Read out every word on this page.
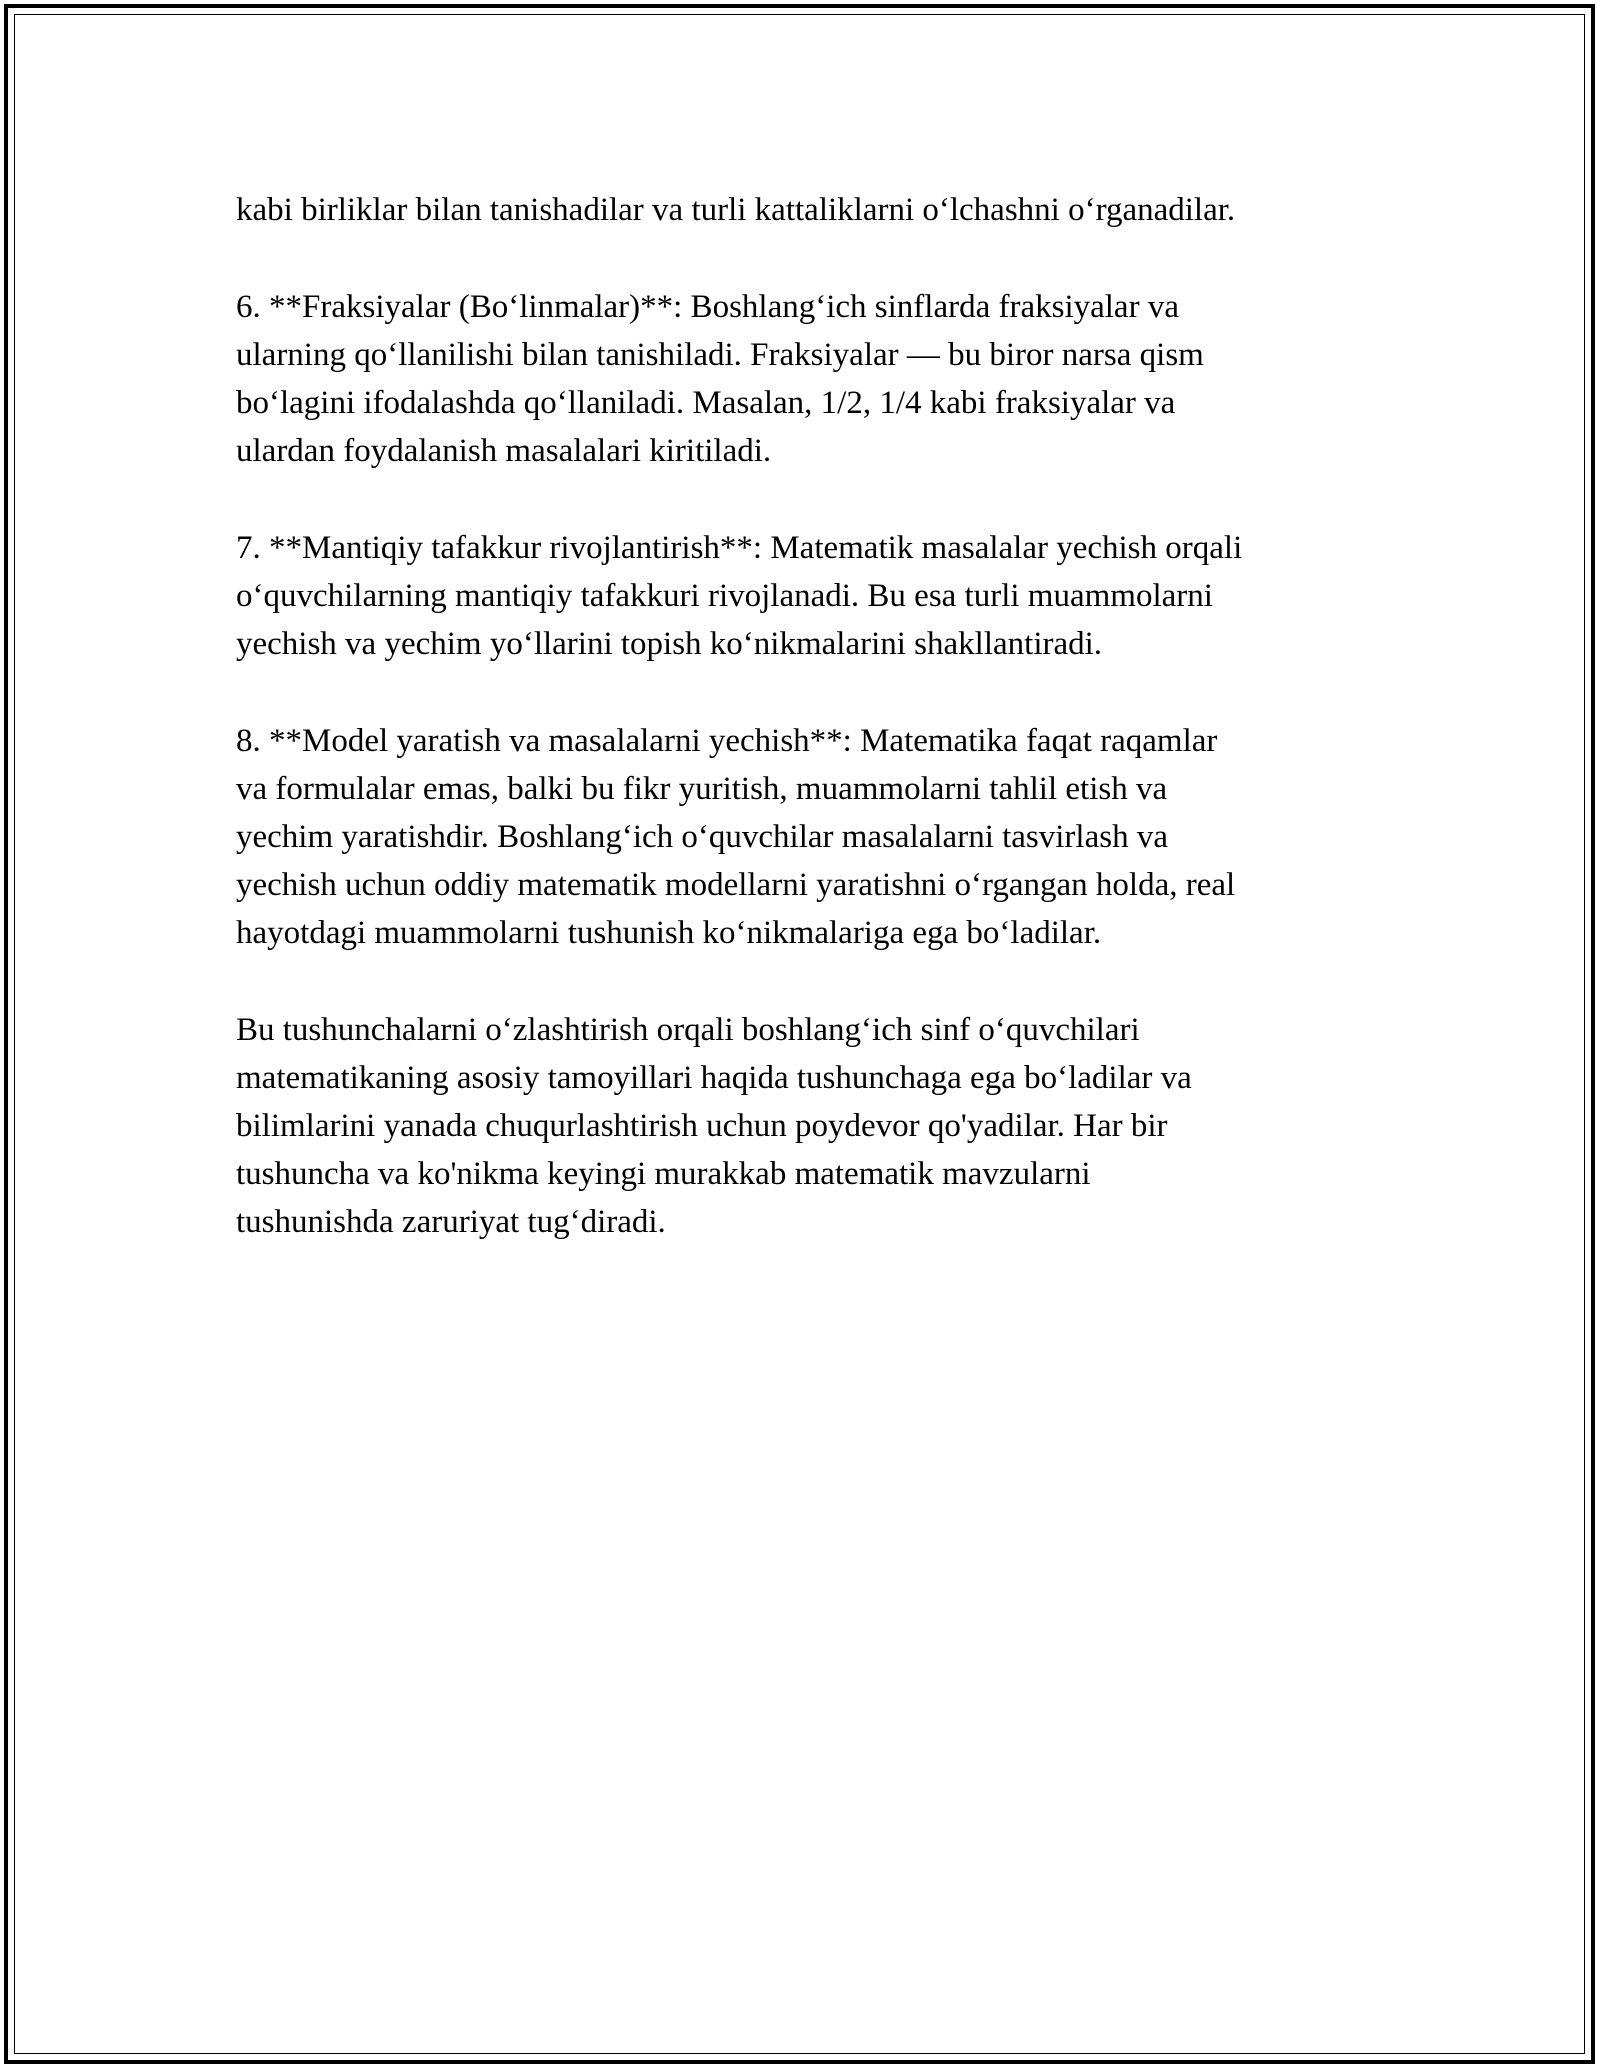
kabi birliklar bilan tanishadilar va turli kattaliklarni o‘lchashni o‘rganadilar.

6. **Fraksiyalar (Bo‘linmalar)**: Boshlang‘ich sinflarda fraksiyalar va
ularning qo‘llanilishi bilan tanishiladi. Fraksiyalar — bu biror narsa qism
bo‘lagini ifodalashda qo‘llaniladi. Masalan, 1/2, 1/4 kabi fraksiyalar va
ulardan foydalanish masalalari kiritiladi.

7. **Mantiqiy tafakkur rivojlantirish**: Matematik masalalar yechish orqali
o‘quvchilarning mantiqiy tafakkuri rivojlanadi. Bu esa turli muammolarni
yechish va yechim yo‘llarini topish ko‘nikmalarini shakllantiradi.

8. **Model yaratish va masalalarni yechish**: Matematika faqat raqamlar
va formulalar emas, balki bu fikr yuritish, muammolarni tahlil etish va
yechim yaratishdir. Boshlang‘ich o‘quvchilar masalalarni tasvirlash va
yechish uchun oddiy matematik modellarni yaratishni o‘rgangan holda, real
hayotdagi muammolarni tushunish ko‘nikmalariga ega bo‘ladilar.

Bu tushunchalarni o‘zlashtirish orqali boshlang‘ich sinf o‘quvchilari
matematikaning asosiy tamoyillari haqida tushunchaga ega bo‘ladilar va
bilimlarini yanada chuqurlashtirish uchun poydevor qo'yadilar. Har bir
tushuncha va ko'nikma keyingi murakkab matematik mavzularni
tushunishda zaruriyat tug‘diradi.
